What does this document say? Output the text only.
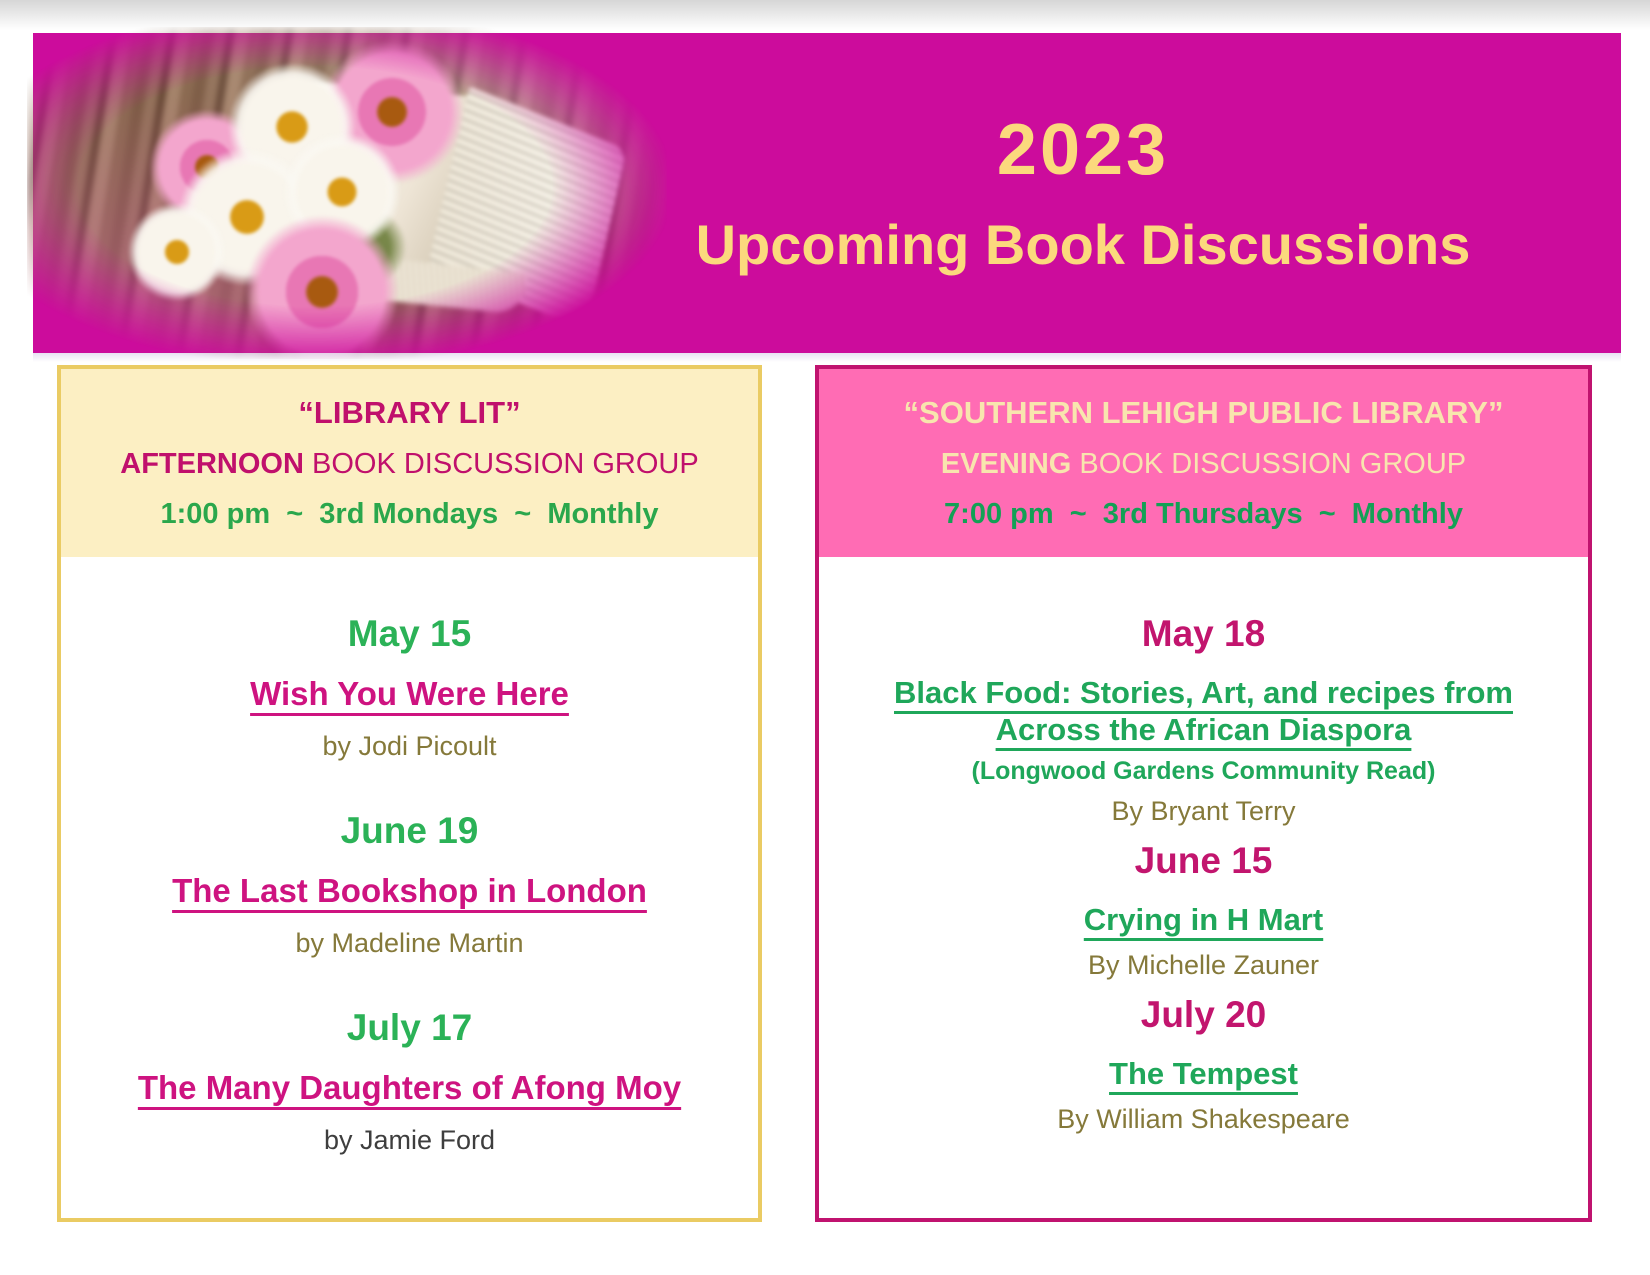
2023
Upcoming Book Discussions
“LIBRARY LIT”
AFTERNOON BOOK DISCUSSION GROUP
1:00 pm  ~  3rd Mondays  ~  Monthly
May 15
Wish You Were Here
by Jodi Picoult
June 19
The Last Bookshop in London
by Madeline Martin
July 17
The Many Daughters of Afong Moy
by Jamie Ford
“SOUTHERN LEHIGH PUBLIC LIBRARY”
EVENING BOOK DISCUSSION GROUP
7:00 pm  ~  3rd Thursdays  ~  Monthly
May 18
Black Food: Stories, Art, and recipes from Across the African Diaspora
(Longwood Gardens Community Read)
By Bryant Terry
June 15
Crying in H Mart
By Michelle Zauner
July 20
The Tempest
By William Shakespeare
